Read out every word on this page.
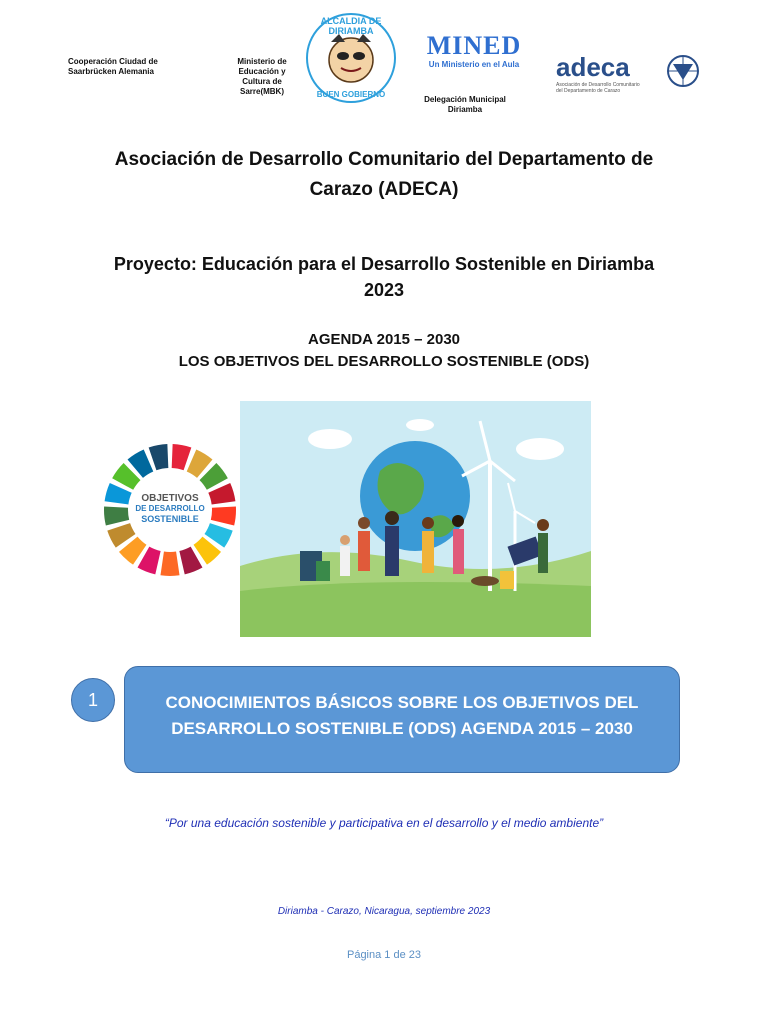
Cooperación Ciudad de
Saarbrücken Alemania
Ministerio de
Educación y
Cultura de
Sarre(MBK)
ALCALDIA DE DIRIAMBA
BUEN GOBIERNO
MINED
Un Ministerio en el Aula
Delegación Municipal
Diriamba
adeca
Asociación de Desarrollo Comunitario
del Departamento de Carazo
Asociación de Desarrollo Comunitario del Departamento de
Carazo (ADECA)
Proyecto: Educación para el Desarrollo Sostenible en Diriamba
2023
AGENDA 2015 – 2030
LOS OBJETIVOS DEL DESARROLLO SOSTENIBLE (ODS)
OBJETIVOS
DE DESARROLLO
SOSTENIBLE
1	CONOCIMIENTOS BÁSICOS SOBRE LOS OBJETIVOS DEL
DESARROLLO SOSTENIBLE (ODS) AGENDA 2015 – 2030
“Por una educación sostenible y participativa en el desarrollo y el medio ambiente”
Diriamba - Carazo, Nicaragua, septiembre 2023
Página 1 de 23
